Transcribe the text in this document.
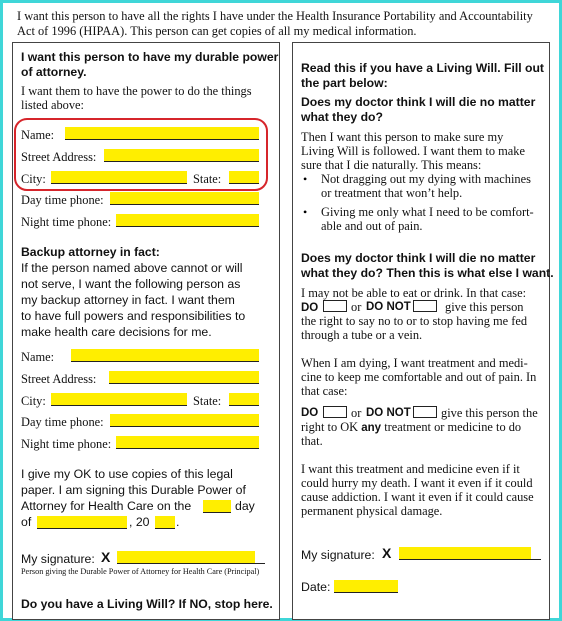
I want this person to have all the rights I have under the Health Insurance Portability and Accountability
Act of 1996 (HIPAA). This person can get copies of all my medical information.
I want this person to have my durable power
of attorney.
I want them to have the power to do the things
listed above:
Name:
Street Address:
City:	State:
Day time phone:
Night time phone:
Backup attorney in fact:
If the person named above cannot or will
not serve, I want the following person as
my backup attorney in fact. I want them
to have full powers and responsibilities to
make health care decisions for me.
Name:
Street Address:
City:	State:
Day time phone:
Night time phone:
I give my OK to use copies of this legal
paper. I am signing this Durable Power of
Attorney for Health Care on the	day
of	, 20 .
My signature: X
Person giving the Durable Power of Attorney for Health Care (Principal)
Do you have a Living Will? If NO, stop here.
Read this if you have a Living Will. Fill out
the part below:
Does my doctor think I will die no matter
what they do?
Then I want this person to make sure my
Living Will is followed. I want them to make
sure that I die naturally. This means:
• Not dragging out my dying with machines
or treatment that won’t help.
• Giving me only what I need to be comfort-
able and out of pain.
Does my doctor think I will die no matter
what they do? Then this is what else I want.
I may not be able to eat or drink. In that case:
DO	or DO NOT	give this person
the right to say no to or to stop having me fed
through a tube or a vein.
When I am dying, I want treatment and medi-
cine to keep me comfortable and out of pain. In
that case:
DO	or DO NOT give this person the
right to OK any treatment or medicine to do
that.
I want this treatment and medicine even if it
could hurry my death. I want it even if it could
cause addiction. I want it even if it could cause
permanent physical damage.
My signature: X
Date:
